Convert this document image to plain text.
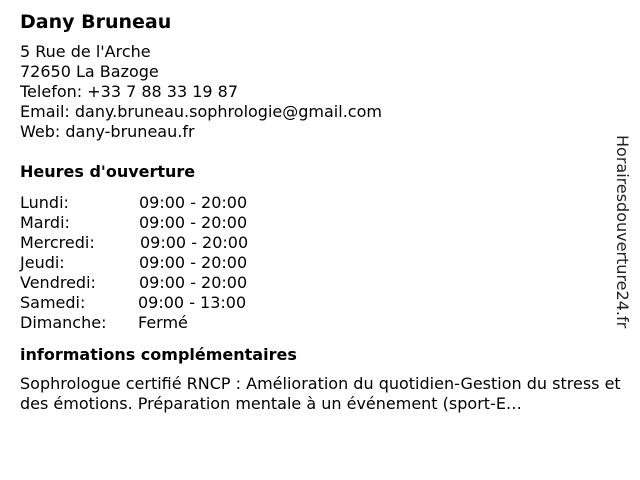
Dany Bruneau
5 Rue de l'Arche
72650 La Bazoge
Telefon: +33 7 88 33 19 87
Email: dany.bruneau.sophrologie@gmail.com
Web: dany-bruneau.fr
Heures d'ouverture
Lundi:	09:00 - 20:00
Mardi:	09:00 - 20:00
Mercredi:	09:00 - 20:00
Jeudi:	09:00 - 20:00
Vendredi:	09:00 - 20:00
Samedi:	09:00 - 13:00
Dimanche: Fermé
informations complémentaires
Sophrologue certifié RNCP : Amélioration du quotidien-Gestion du stress et des émotions. Préparation mentale à un événement (sport-E…
Horairesdouverture24.fr
